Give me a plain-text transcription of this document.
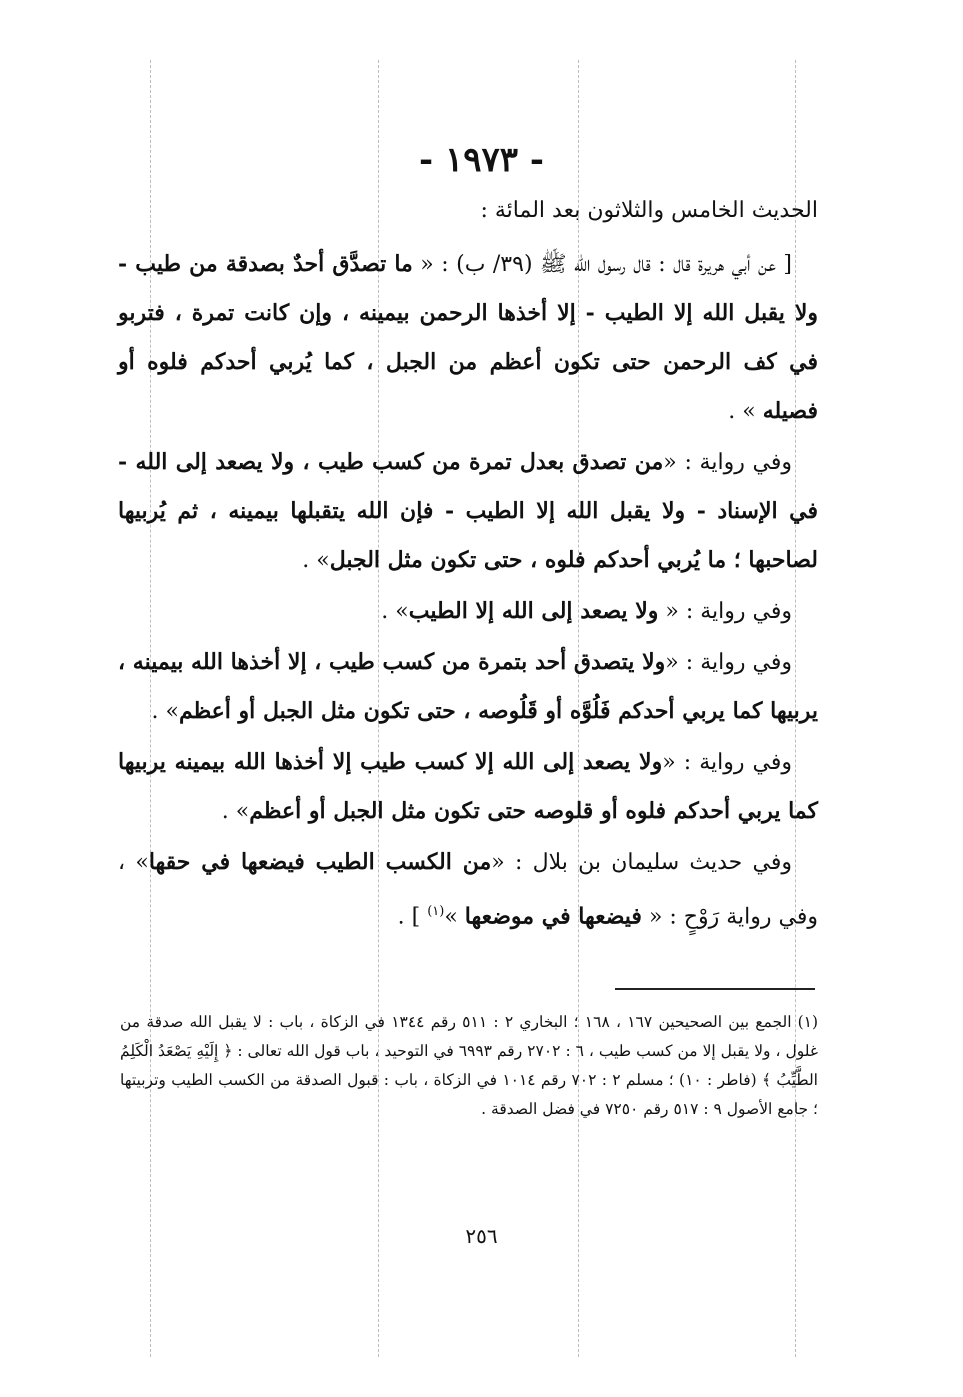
- ١٩٧٣ -

الحديث الخامس والثلاثون بعد المائة :

[ عن أبي هريرة قال : قال رسول الله ﷺ (٣٩/ ب) : « ما تصدَّق أحدٌ بصدقة من طيب - ولا يقبل الله إلا الطيب - إلا أخذها الرحمن بيمينه ، وإن كانت تمرة ، فتربو في كف الرحمن حتى تكون أعظم من الجبل ، كما يُربي أحدكم فلوه أو فصيله » .

وفي رواية : «من تصدق بعدل تمرة من كسب طيب ، ولا يصعد إلى الله - في الإسناد - ولا يقبل الله إلا الطيب - فإن الله يتقبلها بيمينه ، ثم يُربيها لصاحبها ؛ ما يُربي أحدكم فلوه ، حتى تكون مثل الجبل» .

وفي رواية : « ولا يصعد إلى الله إلا الطيب» .

وفي رواية : «ولا يتصدق أحد بتمرة من كسب طيب ، إلا أخذها الله بيمينه ، يربيها كما يربي أحدكم فَلُوَّه أو قَلُوصه ، حتى تكون مثل الجبل أو أعظم» .

وفي رواية : «ولا يصعد إلى الله إلا كسب طيب إلا أخذها الله بيمينه يربيها كما يربي أحدكم فلوه أو قلوصه حتى تكون مثل الجبل أو أعظم» .

وفي حديث سليمان بن بلال : «من الكسب الطيب فيضعها في حقها» ، وفي رواية رَوْحٍ : « فيضعها في موضعها »$^{(١)}$ ] .

(١)الجمع بين الصحيحين ١٦٧ ، ١٦٨ ؛ البخاري ٢ : ٥١١ رقم ١٣٤٤ في الزكاة ، باب : لا يقبل الله صدقة من غلول ، ولا يقبل إلا من كسب طيب ، ٦ : ٢٧٠٢ رقم ٦٩٩٣ في التوحيد ، باب قول الله تعالى : ﴿ إِلَيْهِ يَصْعَدُ الْكَلِمُ الطَّيِّبُ ﴾ (فاطر : ١٠) ؛ مسلم ٢ : ٧٠٢ رقم ١٠١٤ في الزكاة ، باب : قبول الصدقة من الكسب الطيب وتربيتها ؛ جامع الأصول ٩ : ٥١٧ رقم ٧٢٥٠ في فضل الصدقة .
٢٥٦
